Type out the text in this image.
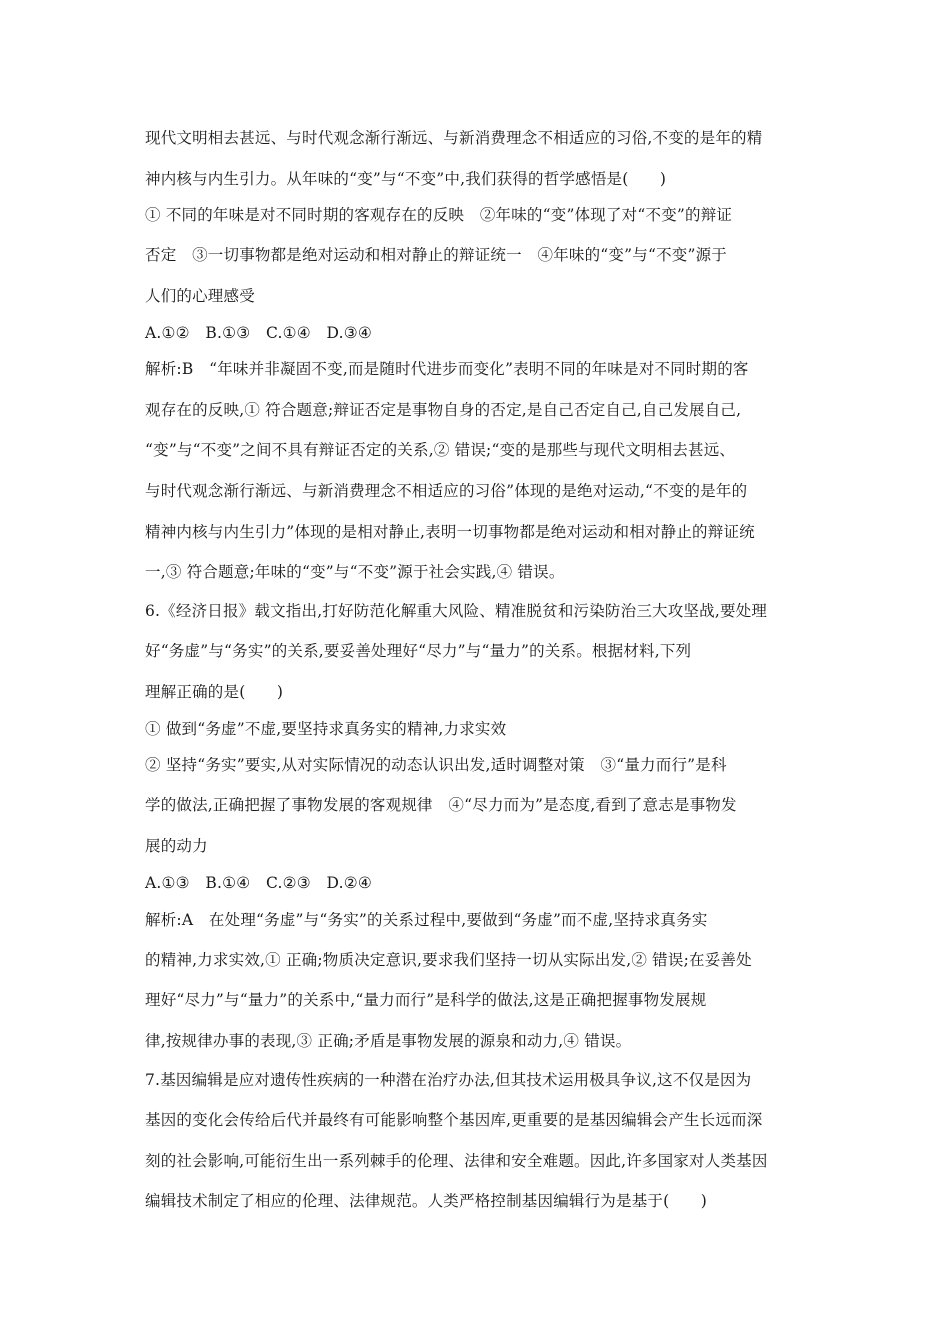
现代文明相去甚远、与时代观念渐行渐远、与新消费理念不相适应的习俗,不变的是年的精
神内核与内生引力。从年味的“变”与“不变”中,我们获得的哲学感悟是(　　)
① 不同的年味是对不同时期的客观存在的反映　②年味的“变”体现了对“不变”的辩证
否定　③一切事物都是绝对运动和相对静止的辩证统一　④年味的“变”与“不变”源于
人们的心理感受
A.①②　B.①③　C.①④　D.③④
解析:B　“年味并非凝固不变,而是随时代进步而变化”表明不同的年味是对不同时期的客
观存在的反映,① 符合题意;辩证否定是事物自身的否定,是自己否定自己,自己发展自己,
“变”与“不变”之间不具有辩证否定的关系,② 错误;“变的是那些与现代文明相去甚远、
与时代观念渐行渐远、与新消费理念不相适应的习俗”体现的是绝对运动,“不变的是年的
精神内核与内生引力”体现的是相对静止,表明一切事物都是绝对运动和相对静止的辩证统
一,③ 符合题意;年味的“变”与“不变”源于社会实践,④ 错误。
6.《经济日报》载文指出,打好防范化解重大风险、精准脱贫和污染防治三大攻坚战,要处理
好“务虚”与“务实”的关系,要妥善处理好“尽力”与“量力”的关系。根据材料,下列
理解正确的是(　　)
① 做到“务虚”不虚,要坚持求真务实的精神,力求实效
② 坚持“务实”要实,从对实际情况的动态认识出发,适时调整对策　③“量力而行”是科
学的做法,正确把握了事物发展的客观规律　④“尽力而为”是态度,看到了意志是事物发
展的动力
A.①③　B.①④　C.②③　D.②④
解析:A　在处理“务虚”与“务实”的关系过程中,要做到“务虚”而不虚,坚持求真务实
的精神,力求实效,① 正确;物质决定意识,要求我们坚持一切从实际出发,② 错误;在妥善处
理好“尽力”与“量力”的关系中,“量力而行”是科学的做法,这是正确把握事物发展规
律,按规律办事的表现,③ 正确;矛盾是事物发展的源泉和动力,④ 错误。
7.基因编辑是应对遗传性疾病的一种潜在治疗办法,但其技术运用极具争议,这不仅是因为
基因的变化会传给后代并最终有可能影响整个基因库,更重要的是基因编辑会产生长远而深
刻的社会影响,可能衍生出一系列棘手的伦理、法律和安全难题。因此,许多国家对人类基因
编辑技术制定了相应的伦理、法律规范。人类严格控制基因编辑行为是基于(　　)
